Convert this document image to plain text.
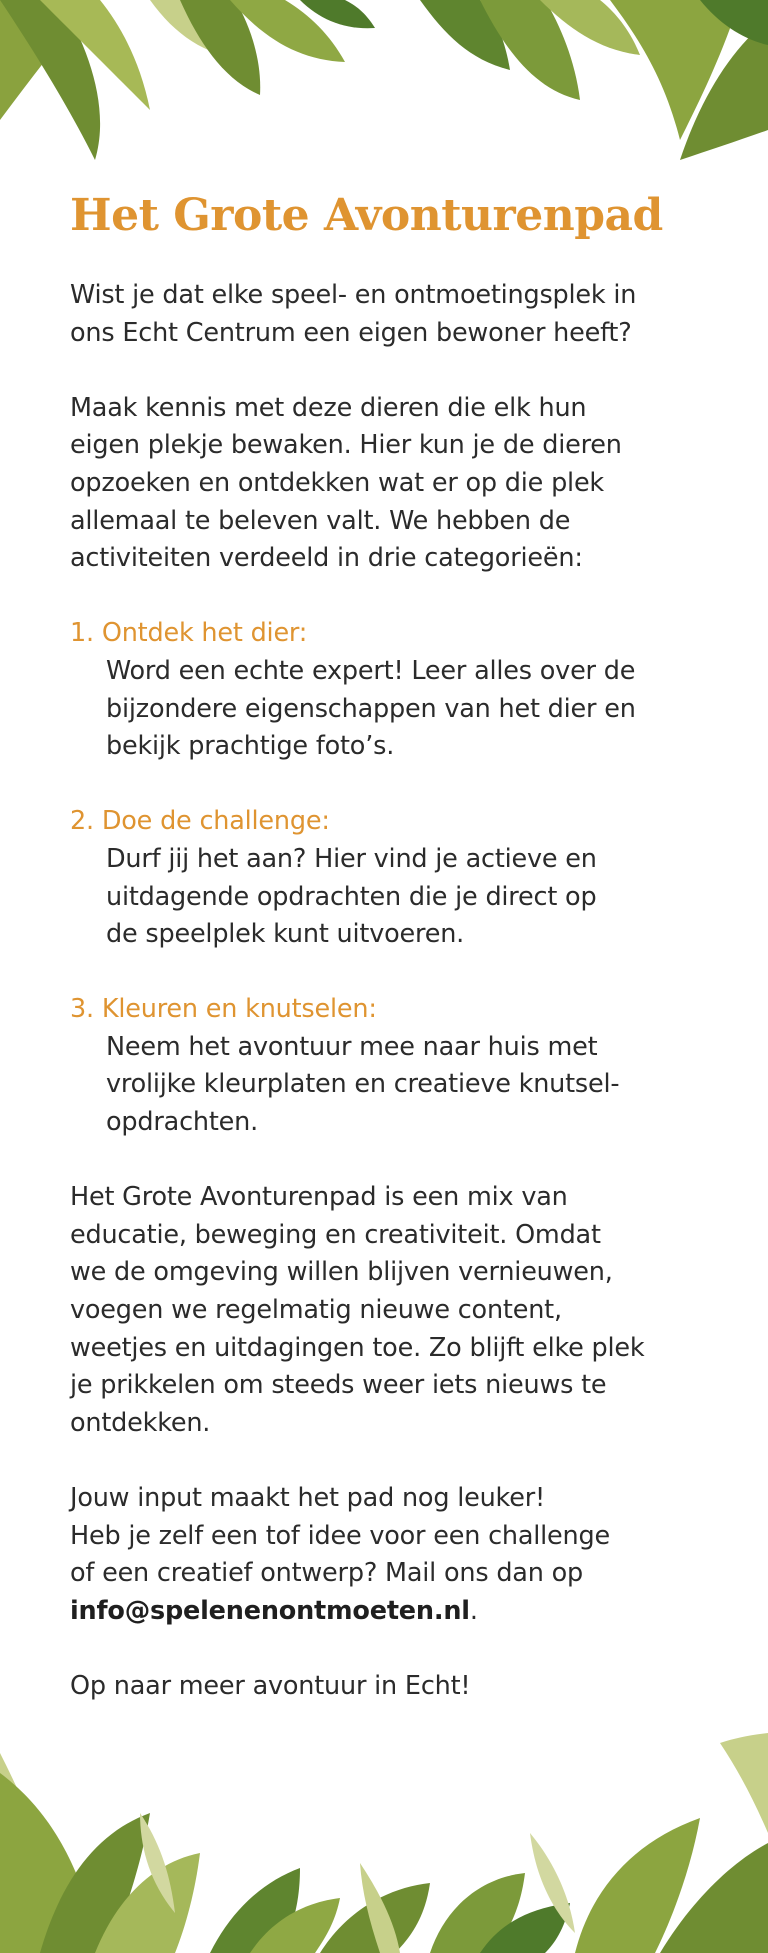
Het Grote Avonturenpad
Wist je dat elke speel- en ontmoetingsplek in
ons Echt Centrum een eigen bewoner heeft?
Maak kennis met deze dieren die elk hun
eigen plekje bewaken. Hier kun je de dieren
opzoeken en ontdekken wat er op die plek
allemaal te beleven valt. We hebben de
activiteiten verdeeld in drie categorieën:
1. Ontdek het dier:
Word een echte expert! Leer alles over de
bijzondere eigenschappen van het dier en
bekijk prachtige foto’s.
2. Doe de challenge:
Durf jij het aan? Hier vind je actieve en
uitdagende opdrachten die je direct op
de speelplek kunt uitvoeren.
3. Kleuren en knutselen:
Neem het avontuur mee naar huis met
vrolijke kleurplaten en creatieve knutsel-
opdrachten.
Het Grote Avonturenpad is een mix van
educatie, beweging en creativiteit. Omdat
we de omgeving willen blijven vernieuwen,
voegen we regelmatig nieuwe content,
weetjes en uitdagingen toe. Zo blijft elke plek
je prikkelen om steeds weer iets nieuws te
ontdekken.
Jouw input maakt het pad nog leuker!
Heb je zelf een tof idee voor een challenge
of een creatief ontwerp? Mail ons dan op
info@spelenenontmoeten.nl.
Op naar meer avontuur in Echt!
